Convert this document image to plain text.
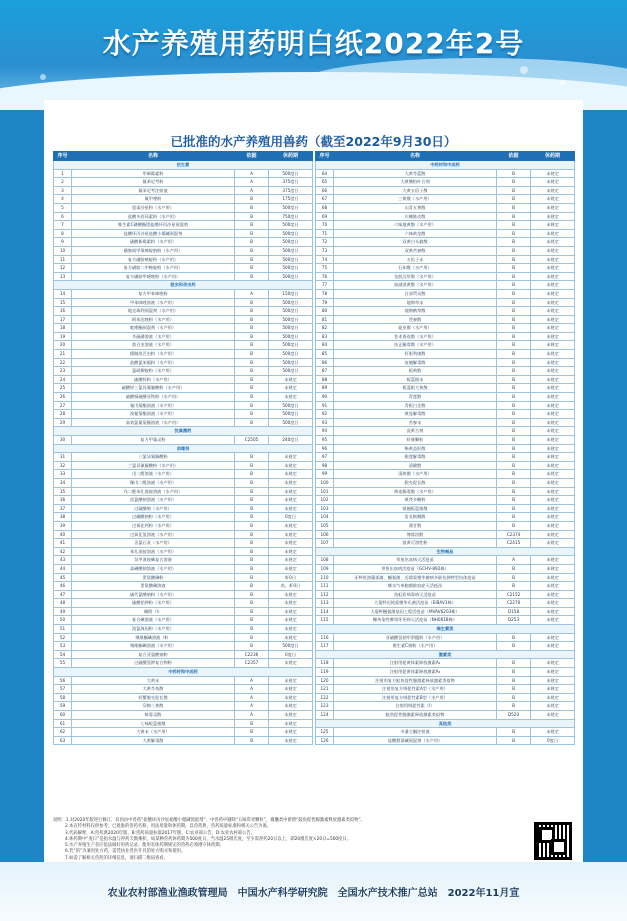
水产养殖用药明白纸2022年2号
已批准的水产养殖用兽药（截至2022年9月30日）
序号	名称	依据	休药期
抗生素			
1	甲砜霉素粉	A	500度日
2	氟苯尼考粉	A	375度日
3	氟苯尼考注射液	A	375度日
4	氟甲喹粉	B	175度日
5	恩诺沙星粉（水产用）	B	500度日
6	盐酸多西环素粉（水产用）	B	750度日
7	维生素C磷酸酯镁盐酸环丙沙星预混剂	B	500度日
8	盐酸环丙沙星盐酸小檗碱预混剂	B	500度日
9	硫酸新霉素粉（水产用）	B	500度日
10	磺胺间甲氧嘧啶钠粉（水产用）	B	500度日
11	复方磺胺嘧啶粉（水产用）	B	500度日
12	复方磺胺二甲嘧啶粉（水产用）	B	500度日
13	复方磺胺甲噁唑粉（水产用）	B	500度日
驱虫和杀虫药			
14	复方甲苯咪唑粉	A	150度日
15	甲苯咪唑溶液（水产用）	B	500度日
16	地克珠利预混剂（水产用）	B	500度日
17	阿苯达唑粉（水产用）	B	500度日
18	吡喹酮预混剂（水产用）	B	500度日
19	辛硫磷溶液（水产用）	B	500度日
20	敌百虫溶液（水产用）	B	500度日
21	精制敌百虫粉（水产用）	B	500度日
22	盐酸氯苯胍粉（水产用）	B	500度日
23	氯硝柳胺粉（水产用）	B	500度日
24	硫酸锌粉（水产用）	B	未规定
25	硫酸锌三氯异氰脲酸粉（水产用）	B	未规定
26	硫酸铜硫酸亚铁粉（水产用）	B	未规定
27	氰戊菊酯溶液（水产用）	B	500度日
28	溴氰菊酯溶液（水产用）	B	500度日
29	高效氯氰菊酯溶液（水产用）	B	500度日
抗真菌药			
30	复方甲霜灵粉	C2505	240度日
消毒剂			
31	三氯异氰脲酸粉	B	未规定
32	三氯异氰脲酸粉（水产用）	B	未规定
33	戊二醛溶液（水产用）	B	未规定
34	稀戊二醛溶液（水产用）	B	未规定
35	戊二醛苯扎溴铵溶液（水产用）	B	未规定
36	次氯酸钠溶液（水产用）	B	未规定
37	过碳酸钠（水产用）	B	未规定
38	过硼酸钠粉（水产用）	B	0度日
39	过氧化钙粉（水产用）	B	未规定
40	过氧化氢溶液（水产用）	B	未规定
41	含氯石灰（水产用）	B	未规定
42	苯扎溴铵溶液（水产用）	B	未规定
43	癸甲溴铵碘复合溶液	B	未规定
44	高碘酸钠溶液（水产用）	B	未规定
45	蛋氨酸碘粉	B	虾0日
46	蛋氨酸碘溶液	B	鱼、虾0日
47	硫代氯酸钠粉（水产用）	B	未规定
48	硫酸铝钾粉（水产用）	B	未规定
49	碘附（Ⅰ）	B	未规定
50	复合碘溶液（水产用）	B	未规定
51	溴氯海因粉（水产用）	B	未规定
52	聚维酮碘溶液（Ⅱ）	B	未规定
53	聚维酮碘溶液（水产用）	B	500度日
54	复合亚氯酸钠粉	C2236	0度日
55	过硫酸氢钾复合物粉	C2357	未规定
中药材和中成药			
56	大黄末	A	未规定
57	大黄芩鱼散	A	未规定
58	虾蟹脱壳促长散	A	未规定
59	穿梅三黄散	A	未规定
60	蚌毒灵散	A	未规定
61	七味板蓝根散	B	未规定
62	大黄末（水产用）	B	未规定
63	大黄解毒散	B	未规定
序号	名称	依据	休药期
中药材和中成药			
64	大黄芩蓝散	B	未规定
65	大黄侧柏叶合剂	B	未规定
66	大黄五倍子散	B	未规定
67	三黄散（水产用）	B	未规定
68	山青五黄散	B	未规定
69	川楝陈皮散	B	未规定
70	六味地黄散（水产用）	B	未规定
71	六味黄龙散	B	未规定
72	双黄白头翁散	B	未规定
73	双黄苦参散	B	未规定
74	五倍子末	B	未规定
75	石知散（水产用）	B	未规定
76	龙胆泻肝散（水产用）	B	未规定
77	加减消黄散（水产用）	B	未规定
78	百部贯众散	B	未规定
79	地锦草末	B	未规定
80	地锦鹤草散	B	未规定
81	芪参散	B	未规定
82	驱虫散（水产用）	B	未规定
83	苍术香连散（水产用）	B	未规定
84	扶正解毒散（水产用）	B	未规定
85	肝胆利康散	B	未规定
86	连翘解毒散	B	未规定
87	板黄散	B	未规定
88	板蓝根末	B	未规定
89	板蓝根大黄散	B	未规定
90	青莲散	B	未规定
91	青板白芷散	B	未规定
92	黄连解毒散	B	未规定
93	苦参末	B	未规定
94	虎黄合剂	B	未规定
95	虾康颗粒	B	未规定
96	柴黄益肝散	B	未规定
97	根莲解毒散	B	未规定
98	清健散	B	未规定
99	清热散（水产用）	B	未规定
100	脱壳促长散	B	未规定
101	黄连解毒散（水产用）	B	未规定
102	黄芪多糖粉	B	未规定
103	银翘板蓝根散	B	未规定
104	雷丸槟榔散	B	未规定
105	蒲甘散	B	未规定
106	博落回散	C2374	未规定
107	银黄可溶性粉	C2415	未规定
生物制品			
108	草鱼出血病灭活疫苗	A	未规定
109	草鱼出血病活疫苗（GCHV-892株）	B	未规定
110	牙鲆鱼溶藻弧菌、鳗弧菌、迟缓爱德华菌病多联抗独特型抗体疫苗	B	未规定
111	嗜水气单胞菌败血症灭活疫苗	B	未规定
112	鱼虹彩病毒病灭活疫苗	C2152	未规定
113	大菱鲆迟钝爱德华氏菌活疫苗（EIBAV1株）	C2270	未规定
114	大菱鲆鳗弧菌基因工程活疫苗（MVAV6203株）	D158	未规定
115	鳜传染性脾肾坏死病灭活疫苗（NH0618株）	D253	未规定
维生素类			
116	亚硫酸氢钠甲萘醌粉（水产用）	B	未规定
117	维生素C钠粉（水产用）	B	未规定
激素类			
118	注射用促黄体素释放激素A₂	B	未规定
119	注射用促黄体素释放激素A₃	B	未规定
120	注射用复方鲑鱼促性腺激素释放激素类似物	B	未规定
121	注射用复方绒促性素A型（水产用）	B	未规定
122	注射用复方绒促性素B型（水产用）	B	未规定
123	注射用绒促性素（Ⅰ）	B	未规定
124	鲑鱼促性腺激素释放激素类似物	D520	未规定
其他类			
125	多潘立酮注射液	B	未规定
126	盐酸甜菜碱预混剂（水产用）	B	0度日
说明：1.对2020年版进行修订，仅因由中兽药“盐酸环丙沙星盐酸小檗碱预混剂”、中兽药中剔除“五味常青颗粒”，微囊类中新增“鼓鱼促性腺激素释放激素类似物”。
2.本宣传材料仅供参考，已批准的兽药名称、用法用量和休药期，以兽药典、兽药质量标准和相关公告为准。
3.代码解释，A:兽药典2020年版，B:兽药质量标准2017年版，C:农业部公告，D:农业农村部公告。
4.休药期中“度日”是指水温与停药天数乘积，如某种兽药休药期为500度日，当水温25摄氏度，至少需停药20日以上，即20摄氏度×20日=500度日。
5.水产养殖生产者应依法做好用药记录，使用有休药期规定的兽药必须遵守休药期。
6.若“的”为兼用处方药，需凭执业兽医开具的处方购买和使用。
7.如需了解相关兽药的详细信息，请扫描二维码查看。
农业农村部渔业渔政管理局　中国水产科学研究院　全国水产技术推广总站　2022年11月宣
